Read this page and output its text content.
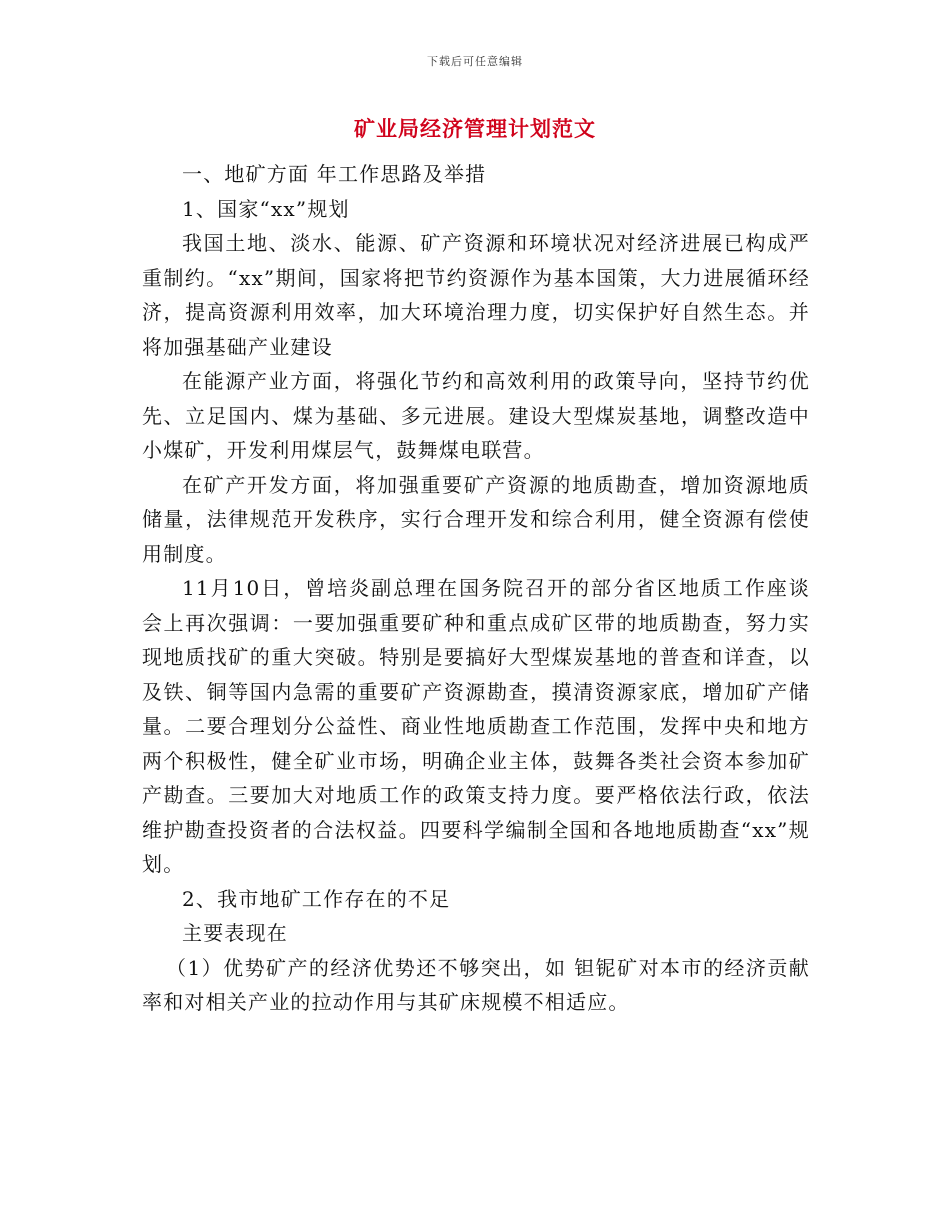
下载后可任意编辑
矿业局经济管理计划范文

一、地矿方面 年工作思路及举措

1、国家“xx”规划

我国土地、淡水、能源、矿产资源和环境状况对经济进展已构成严重制约。“xx”期间，国家将把节约资源作为基本国策，大力进展循环经济，提高资源利用效率，加大环境治理力度，切实保护好自然生态。并将加强基础产业建设

在能源产业方面，将强化节约和高效利用的政策导向，坚持节约优先、立足国内、煤为基础、多元进展。建设大型煤炭基地，调整改造中小煤矿，开发利用煤层气，鼓舞煤电联营。

在矿产开发方面，将加强重要矿产资源的地质勘查，增加资源地质储量，法律规范开发秩序，实行合理开发和综合利用，健全资源有偿使用制度。

11月10日，曾培炎副总理在国务院召开的部分省区地质工作座谈会上再次强调：一要加强重要矿种和重点成矿区带的地质勘查，努力实现地质找矿的重大突破。特别是要搞好大型煤炭基地的普查和详查，以及铁、铜等国内急需的重要矿产资源勘查，摸清资源家底，增加矿产储量。二要合理划分公益性、商业性地质勘查工作范围，发挥中央和地方两个积极性，健全矿业市场，明确企业主体，鼓舞各类社会资本参加矿产勘查。三要加大对地质工作的政策支持力度。要严格依法行政，依法维护勘查投资者的合法权益。四要科学编制全国和各地地质勘查“xx”规划。

2、我市地矿工作存在的不足

主要表现在

（1）优势矿产的经济优势还不够突出，如 钽铌矿对本市的经济贡献率和对相关产业的拉动作用与其矿床规模不相适应。
